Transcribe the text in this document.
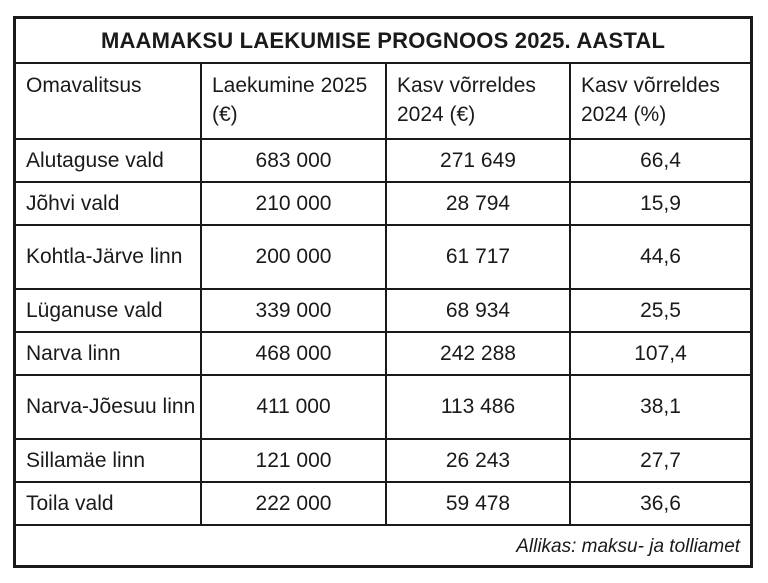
MAAMAKSU LAEKUMISE PROGNOOS 2025. AASTAL			
Omavalitsus	Laekumine 2025 (€)	Kasv võrreldes 2024 (€)	Kasv võrreldes 2024 (%)
Alutaguse vald	683 000	271 649	66,4
Jõhvi vald	210 000	28 794	15,9
Kohtla-Järve linn	200 000	61 717	44,6
Lüganuse vald	339 000	68 934	25,5
Narva linn	468 000	242 288	107,4
Narva-Jõesuu linn	411 000	113 486	38,1
Sillamäe linn	121 000	26 243	27,7
Toila vald	222 000	59 478	36,6
Allikas: maksu- ja tolliamet			
